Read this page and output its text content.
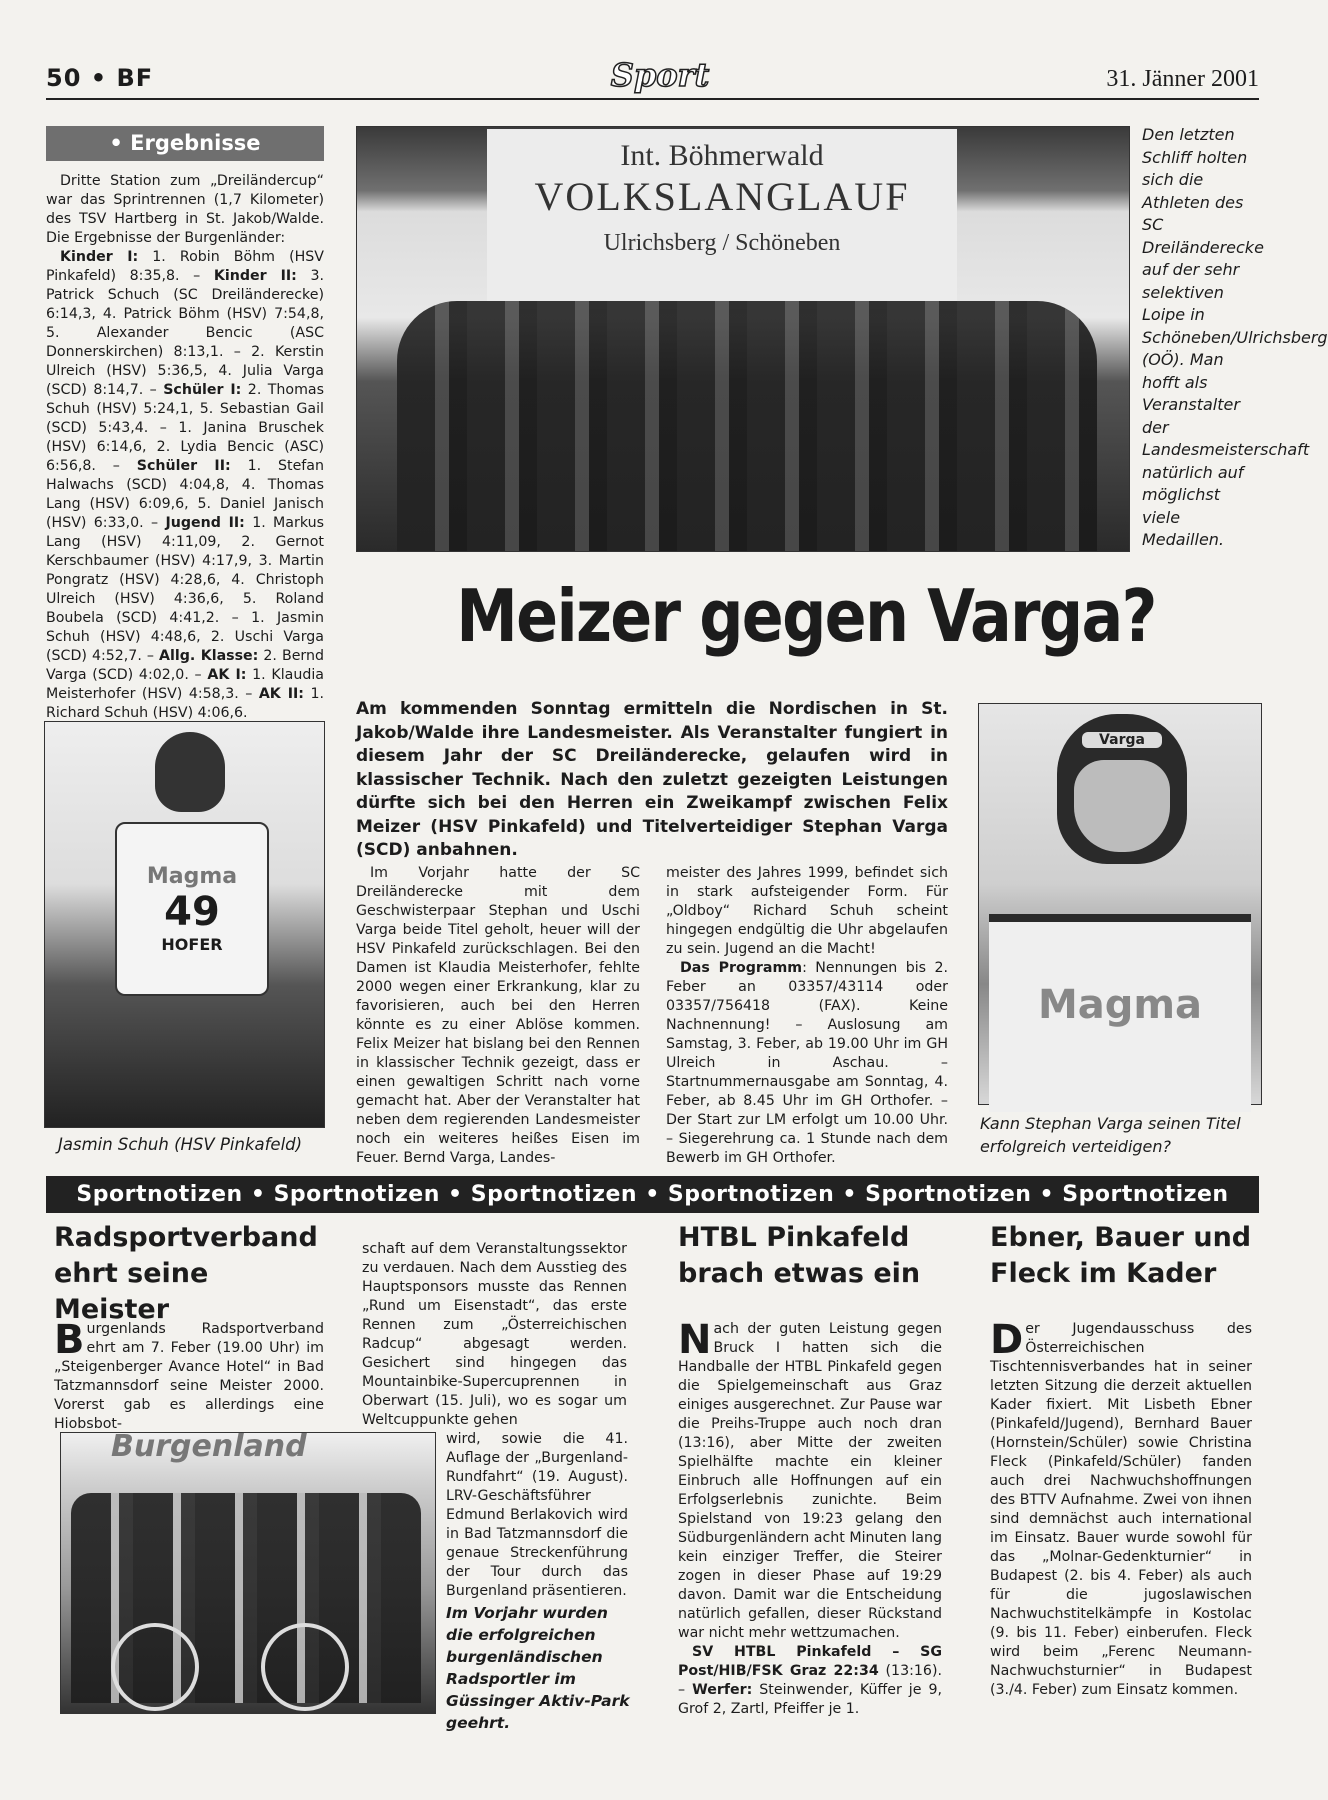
50 • BF	Sport	31. Jänner 2001
• Ergebnisse

Dritte Station zum „Dreiländercup“ war das Sprintrennen (1,7 Kilometer) des TSV Hartberg in St. Jakob/Walde. Die Ergebnisse der Burgenländer:

Kinder I: 1. Robin Böhm (HSV Pinkafeld) 8:35,8. – Kinder II: 3. Patrick Schuch (SC Dreiländerecke) 6:14,3, 4. Patrick Böhm (HSV) 7:54,8, 5. Alexander Bencic (ASC Donnerskirchen) 8:13,1. – 2. Kerstin Ulreich (HSV) 5:36,5, 4. Julia Varga (SCD) 8:14,7. – Schüler I: 2. Thomas Schuh (HSV) 5:24,1, 5. Sebastian Gail (SCD) 5:43,4. – 1. Janina Bruschek (HSV) 6:14,6, 2. Lydia Bencic (ASC) 6:56,8. – Schüler II: 1. Stefan Halwachs (SCD) 4:04,8, 4. Thomas Lang (HSV) 6:09,6, 5. Daniel Janisch (HSV) 6:33,0. – Jugend II: 1. Markus Lang (HSV) 4:11,09, 2. Gernot Kerschbaumer (HSV) 4:17,9, 3. Martin Pongratz (HSV) 4:28,6, 4. Christoph Ulreich (HSV) 4:36,6, 5. Roland Boubela (SCD) 4:41,2. – 1. Jasmin Schuh (HSV) 4:48,6, 2. Uschi Varga (SCD) 4:52,7. – Allg. Klasse: 2. Bernd Varga (SCD) 4:02,0. – AK I: 1. Klaudia Meisterhofer (HSV) 4:58,3. – AK II: 1. Richard Schuh (HSV) 4:06,6.

Int. Böhmerwald
VOLKSLANGLAUF
Ulrichsberg / Schöneben
Den letzten Schliff holten sich die Athleten des SC Dreiländerecke auf der sehr selektiven Loipe in Schöneben/Ulrichsberg (OÖ). Man hofft als Veranstalter der Landesmeisterschaft natürlich auf möglichst viele Medaillen.
Meizer gegen Varga?
Magma
49
HOFER
Jasmin Schuh (HSV Pinkafeld)
Am kommenden Sonntag ermitteln die Nordischen in St. Jakob/Walde ihre Landesmeister. Als Veranstalter fungiert in diesem Jahr der SC Dreiländerecke, gelaufen wird in klassischer Technik. Nach den zuletzt gezeigten Leistungen dürfte sich bei den Herren ein Zweikampf zwischen Felix Meizer (HSV Pinkafeld) und Titelverteidiger Stephan Varga (SCD) anbahnen.

Im Vorjahr hatte der SC Dreiländerecke mit dem Geschwisterpaar Stephan und Uschi Varga beide Titel geholt, heuer will der HSV Pinkafeld zurückschlagen. Bei den Damen ist Klaudia Meisterhofer, fehlte 2000 wegen einer Erkrankung, klar zu favorisieren, auch bei den Herren könnte es zu einer Ablöse kommen. Felix Meizer hat bislang bei den Rennen in klassischer Technik gezeigt, dass er einen gewaltigen Schritt nach vorne gemacht hat. Aber der Veranstalter hat neben dem regierenden Landesmeister noch ein weiteres heißes Eisen im Feuer. Bernd Varga, Landes-

meister des Jahres 1999, befindet sich in stark aufsteigender Form. Für „Oldboy“ Richard Schuh scheint hingegen endgültig die Uhr abgelaufen zu sein. Jugend an die Macht!

Das Programm: Nennungen bis 2. Feber an 03357/43114 oder 03357/756418 (FAX). Keine Nachnennung! – Auslosung am Samstag, 3. Feber, ab 19.00 Uhr im GH Ulreich in Aschau. – Startnummernausgabe am Sonntag, 4. Feber, ab 8.45 Uhr im GH Orthofer. – Der Start zur LM erfolgt um 10.00 Uhr. – Siegerehrung ca. 1 Stunde nach dem Bewerb im GH Orthofer.

Varga
Magma
Kann Stephan Varga seinen Titel erfolgreich verteidigen?
Sportnotizen • Sportnotizen • Sportnotizen • Sportnotizen • Sportnotizen • Sportnotizen
Radsportverband ehrt seine Meister
Burgenlands Radsportverband ehrt am 7. Feber (19.00 Uhr) im „Steigenberger Avance Hotel“ in Bad Tatzmannsdorf seine Meister 2000. Vorerst gab es allerdings eine Hiobsbot-
schaft auf dem Veranstaltungssektor zu verdauen. Nach dem Ausstieg des Hauptsponsors musste das Rennen „Rund um Eisenstadt“, das erste Rennen zum „Österreichischen Radcup“ abgesagt werden. Gesichert sind hingegen das Mountainbike-Supercuprennen in Oberwart (15. Juli), wo es sogar um Weltcuppunkte gehen
Burgenland	wird, sowie die 41. Auflage der „Burgenland-Rundfahrt“ (19. August). LRV-Geschäftsführer Edmund Berlakovich wird in Bad Tatzmannsdorf die genaue Streckenführung der Tour durch das Burgenland präsentieren.
Im Vorjahr wurden die erfolgreichen burgenländischen Radsportler im Güssinger Aktiv-Park geehrt.
HTBL Pinkafeld brach etwas ein
Nach der guten Leistung gegen Bruck I hatten sich die Handballe der HTBL Pinkafeld gegen die Spielgemeinschaft aus Graz einiges ausgerechnet. Zur Pause war die Preihs-Truppe auch noch dran (13:16), aber Mitte der zweiten Spielhälfte machte ein kleiner Einbruch alle Hoffnungen auf ein Erfolgserlebnis zunichte. Beim Spielstand von 19:23 gelang den Südburgenländern acht Minuten lang kein einziger Treffer, die Steirer zogen in dieser Phase auf 19:29 davon. Damit war die Entscheidung natürlich gefallen, dieser Rückstand war nicht mehr wettzumachen.

SV HTBL Pinkafeld – SG Post/HIB/FSK Graz 22:34 (13:16). – Werfer: Steinwender, Küffer je 9, Grof 2, Zartl, Pfeiffer je 1.

Ebner, Bauer und Fleck im Kader
Der Jugendausschuss des Österreichischen Tischtennisverbandes hat in seiner letzten Sitzung die derzeit aktuellen Kader fixiert. Mit Lisbeth Ebner (Pinkafeld/Jugend), Bernhard Bauer (Hornstein/Schüler) sowie Christina Fleck (Pinkafeld/Schüler) fanden auch drei Nachwuchshoffnungen des BTTV Aufnahme. Zwei von ihnen sind demnächst auch international im Einsatz. Bauer wurde sowohl für das „Molnar-Gedenkturnier“ in Budapest (2. bis 4. Feber) als auch für die jugoslawischen Nachwuchstitelkämpfe in Kostolac (9. bis 11. Feber) einberufen. Fleck wird beim „Ferenc Neumann-Nachwuchsturnier“ in Budapest (3./4. Feber) zum Einsatz kommen.
